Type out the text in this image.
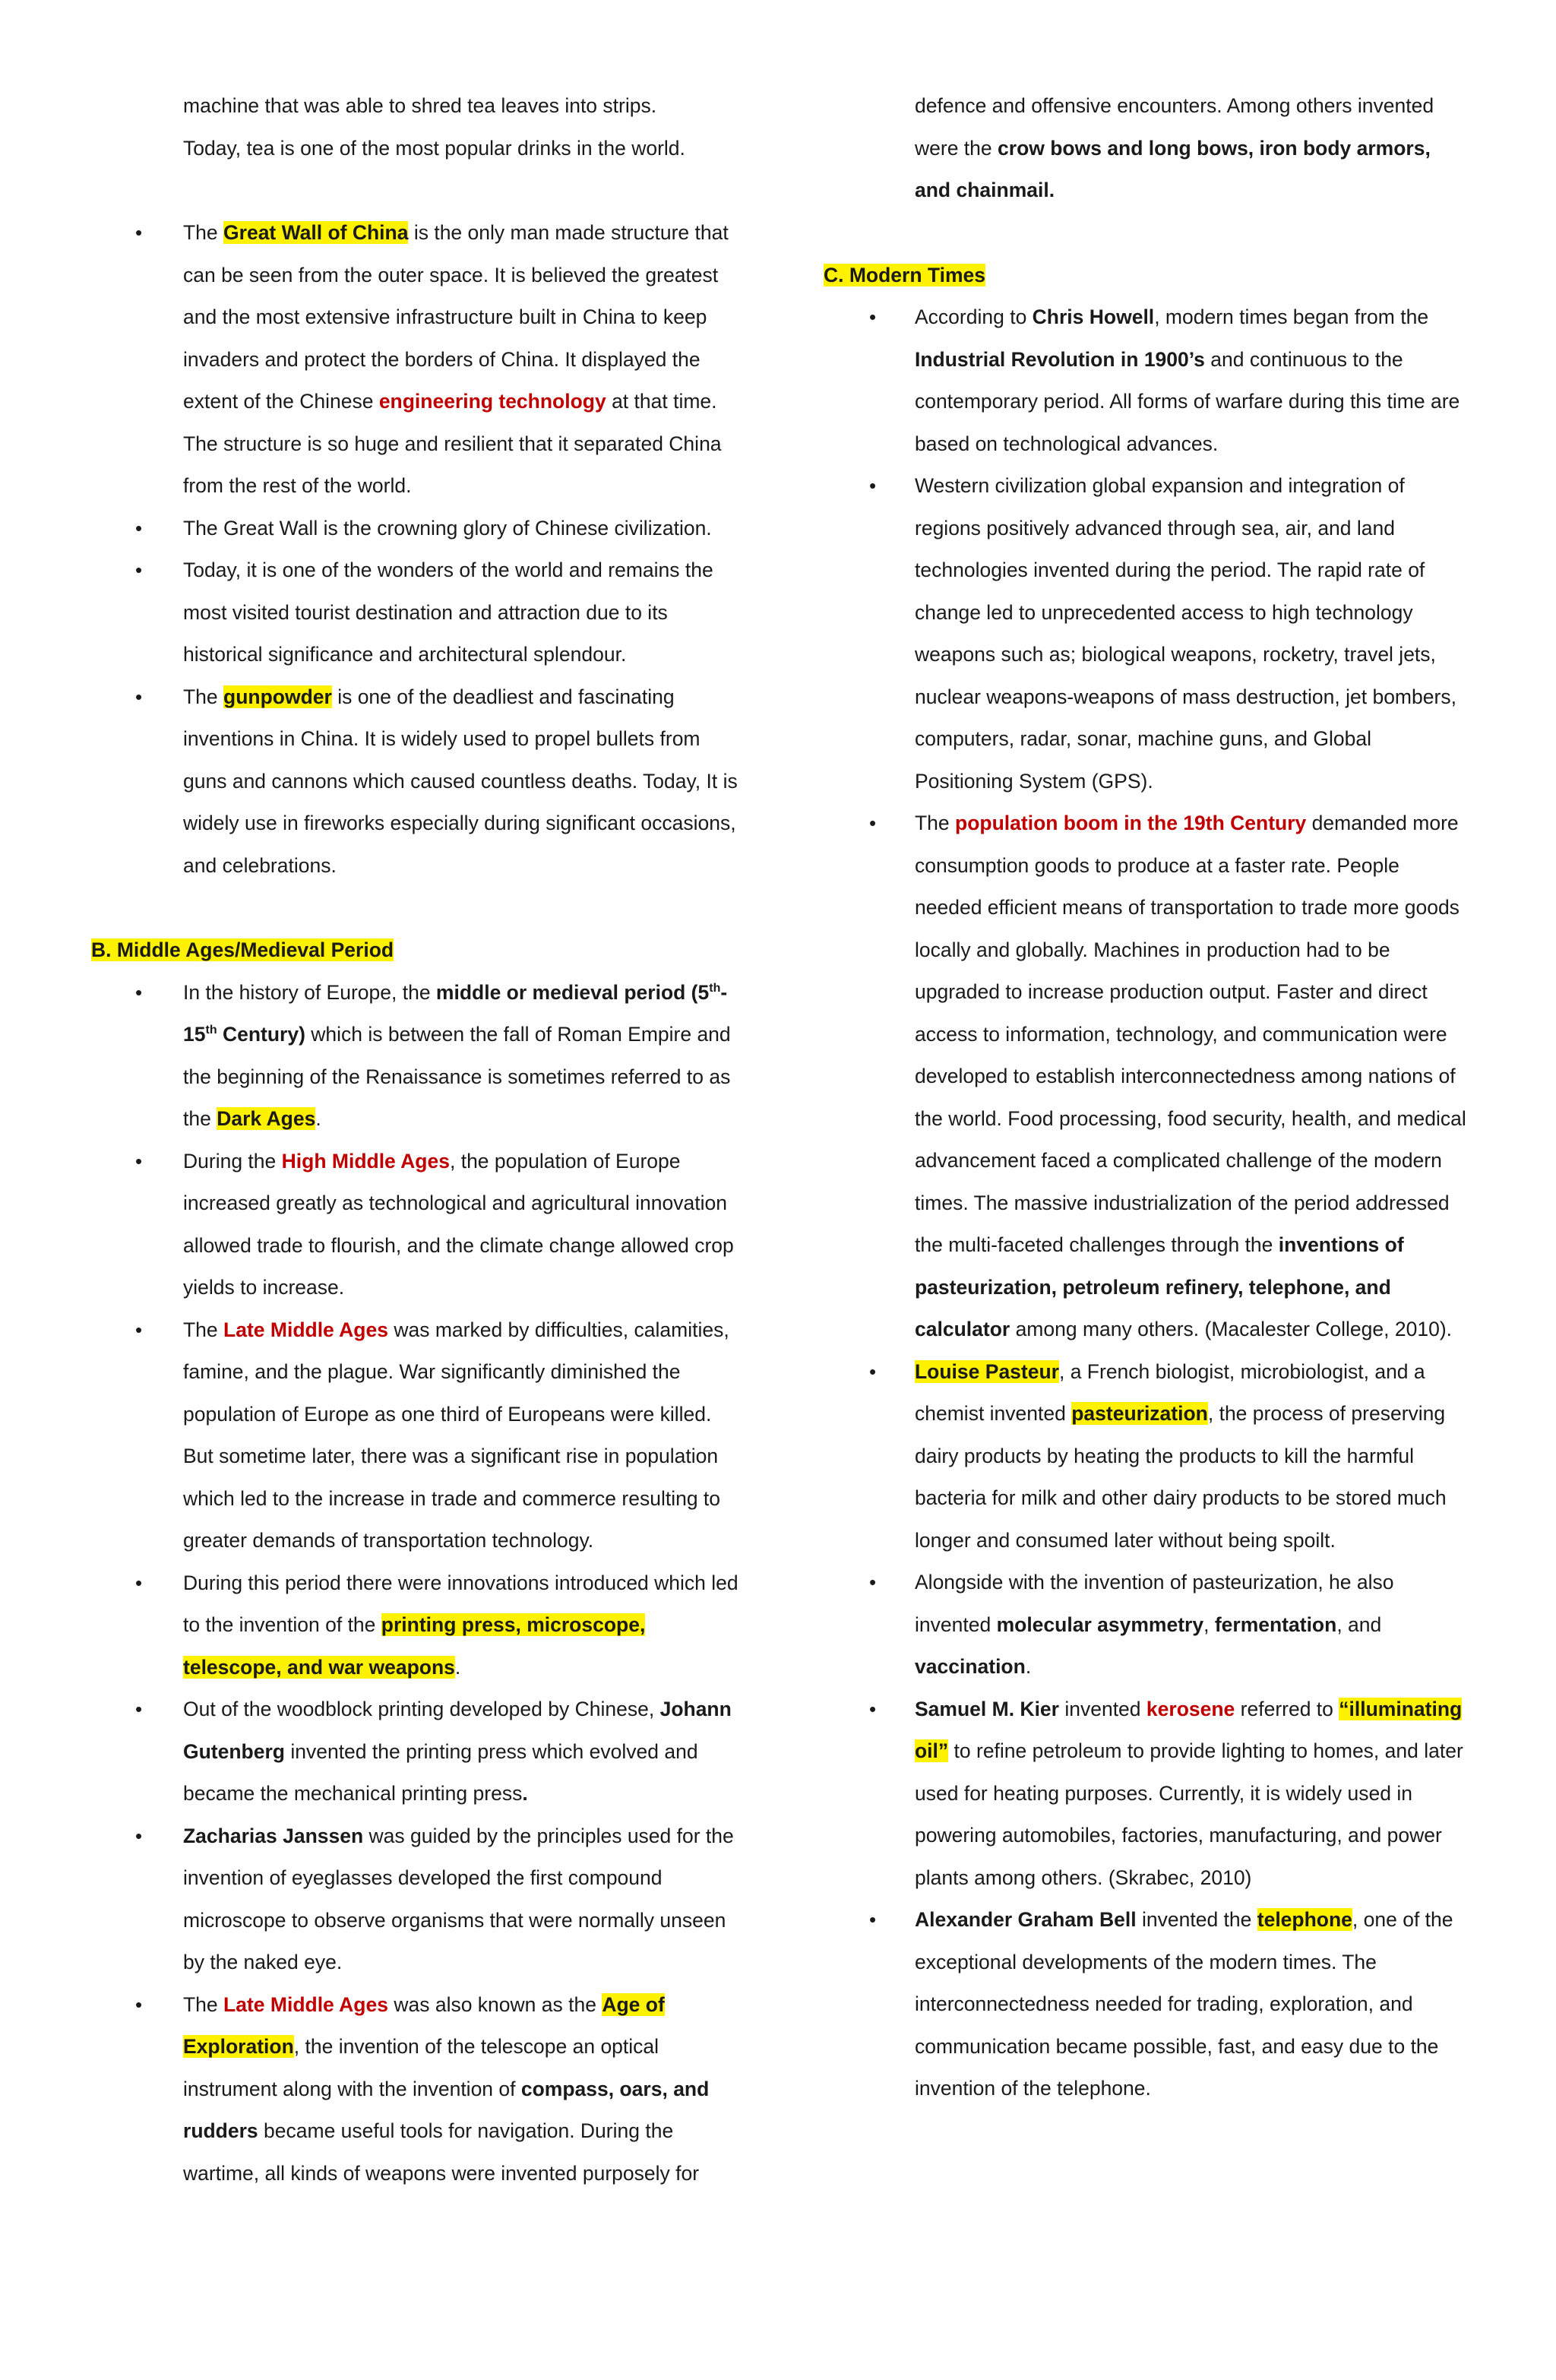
machine that was able to shred tea leaves into strips.
Today, tea is one of the most popular drinks in the world.
• The Great Wall of China is the only man made structure that can be seen from the outer space. It is believed the greatest and the most extensive infrastructure built in China to keep invaders and protect the borders of China. It displayed the extent of the Chinese engineering technology at that time. The structure is so huge and resilient that it separated China from the rest of the world.
• The Great Wall is the crowning glory of Chinese civilization.
• Today, it is one of the wonders of the world and remains the most visited tourist destination and attraction due to its historical significance and architectural splendour.
• The gunpowder is one of the deadliest and fascinating inventions in China. It is widely used to propel bullets from guns and cannons which caused countless deaths. Today, It is widely use in fireworks especially during significant occasions, and celebrations.
B. Middle Ages/Medieval Period
• In the history of Europe, the middle or medieval period (5th-15th Century) which is between the fall of Roman Empire and the beginning of the Renaissance is sometimes referred to as the Dark Ages.
• During the High Middle Ages, the population of Europe increased greatly as technological and agricultural innovation allowed trade to flourish, and the climate change allowed crop yields to increase.
• The Late Middle Ages was marked by difficulties, calamities, famine, and the plague. War significantly diminished the population of Europe as one third of Europeans were killed. But sometime later, there was a significant rise in population which led to the increase in trade and commerce resulting to greater demands of transportation technology.
• During this period there were innovations introduced which led to the invention of the printing press, microscope, telescope, and war weapons.
• Out of the woodblock printing developed by Chinese, Johann Gutenberg invented the printing press which evolved and became the mechanical printing press.
• Zacharias Janssen was guided by the principles used for the invention of eyeglasses developed the first compound microscope to observe organisms that were normally unseen by the naked eye.
• The Late Middle Ages was also known as the Age of Exploration, the invention of the telescope an optical instrument along with the invention of compass, oars, and rudders became useful tools for navigation. During the wartime, all kinds of weapons were invented purposely for
defence and offensive encounters. Among others invented were the crow bows and long bows, iron body armors, and chainmail.
C. Modern Times
• According to Chris Howell, modern times began from the Industrial Revolution in 1900’s and continuous to the contemporary period. All forms of warfare during this time are based on technological advances.
• Western civilization global expansion and integration of regions positively advanced through sea, air, and land technologies invented during the period. The rapid rate of change led to unprecedented access to high technology weapons such as; biological weapons, rocketry, travel jets, nuclear weapons-weapons of mass destruction, jet bombers, computers, radar, sonar, machine guns, and Global Positioning System (GPS).
• The population boom in the 19th Century demanded more consumption goods to produce at a faster rate. People needed efficient means of transportation to trade more goods locally and globally. Machines in production had to be upgraded to increase production output. Faster and direct access to information, technology, and communication were developed to establish interconnectedness among nations of the world. Food processing, food security, health, and medical advancement faced a complicated challenge of the modern times. The massive industrialization of the period addressed the multi-faceted challenges through the inventions of pasteurization, petroleum refinery, telephone, and calculator among many others. (Macalester College, 2010).
• Louise Pasteur, a French biologist, microbiologist, and a chemist invented pasteurization, the process of preserving dairy products by heating the products to kill the harmful bacteria for milk and other dairy products to be stored much longer and consumed later without being spoilt.
• Alongside with the invention of pasteurization, he also invented molecular asymmetry, fermentation, and vaccination.
• Samuel M. Kier invented kerosene referred to “illuminating oil” to refine petroleum to provide lighting to homes, and later used for heating purposes. Currently, it is widely used in powering automobiles, factories, manufacturing, and power plants among others. (Skrabec, 2010)
• Alexander Graham Bell invented the telephone, one of the exceptional developments of the modern times. The interconnectedness needed for trading, exploration, and communication became possible, fast, and easy due to the invention of the telephone.
